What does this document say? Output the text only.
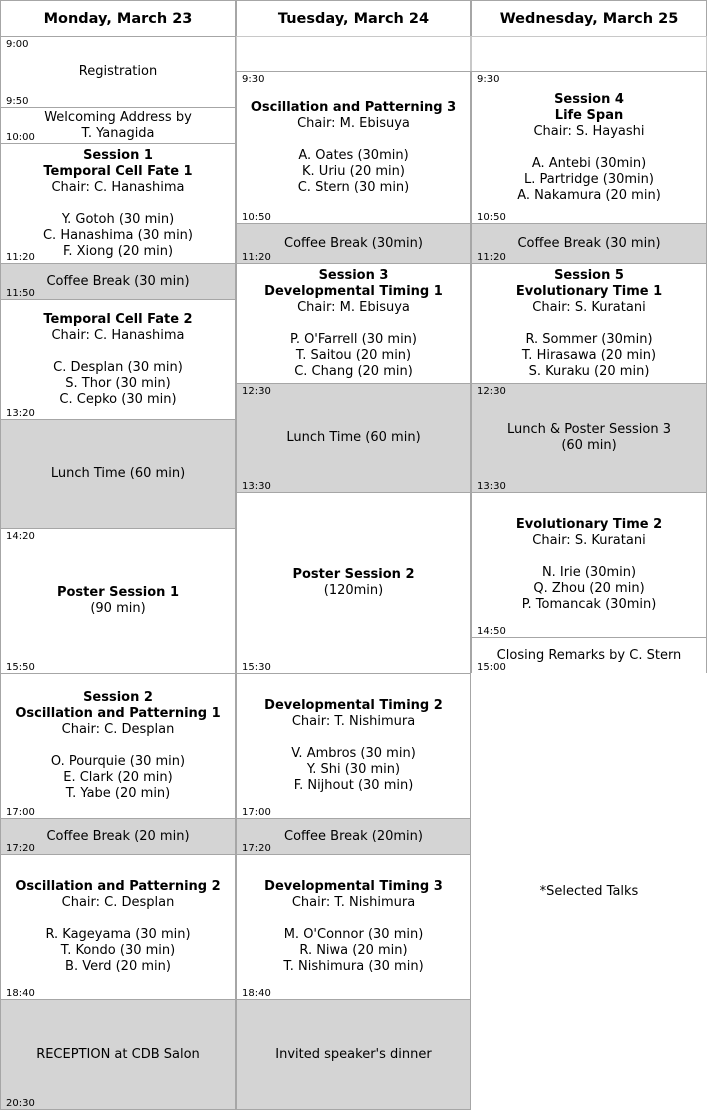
Monday, March 23	Tuesday, March 24	Wednesday, March 25
Registration
9:00
9:50
Welcoming Address by
T. Yanagida
10:00
Session 1
Temporal Cell Fate 1
Chair: C. Hanashima
Y. Gotoh (30 min)
C. Hanashima (30 min)
F. Xiong (20 min)
11:20
Coffee Break (30 min)
11:50
Temporal Cell Fate 2
Chair: C. Hanashima
C. Desplan (30 min)
S. Thor (30 min)
C. Cepko (30 min)
13:20
Lunch Time (60 min)
Poster Session 1
(90 min)
14:20
15:50
Session 2
Oscillation and Patterning 1
Chair: C. Desplan
O. Pourquie (30 min)
E. Clark (20 min)
T. Yabe (20 min)
17:00
Coffee Break (20 min)
17:20
Oscillation and Patterning 2
Chair: C. Desplan
R. Kageyama (30 min)
T. Kondo (30 min)
B. Verd (20 min)
18:40
RECEPTION at CDB Salon
20:30
Oscillation and Patterning 3
Chair: M. Ebisuya
A. Oates (30min)
K. Uriu (20 min)
C. Stern (30 min)
9:30
10:50
Coffee Break (30min)
11:20
Session 3
Developmental Timing 1
Chair: M. Ebisuya
P. O'Farrell (30 min)
T. Saitou (20 min)
C. Chang (20 min)
Lunch Time (60 min)
12:30
13:30
Poster Session 2
(120min)
15:30
Developmental Timing 2
Chair: T. Nishimura
V. Ambros (30 min)
Y. Shi (30 min)
F. Nijhout (30 min)
17:00
Coffee Break (20min)
17:20
Developmental Timing 3
Chair: T. Nishimura
M. O'Connor (30 min)
R. Niwa (20 min)
T. Nishimura (30 min)
18:40
Invited speaker's dinner
Session 4
Life Span
Chair: S. Hayashi
A. Antebi (30min)
L. Partridge (30min)
A. Nakamura (20 min)
9:30
10:50
Coffee Break (30 min)
11:20
Session 5
Evolutionary Time 1
Chair: S. Kuratani
R. Sommer (30min)
T. Hirasawa (20 min)
S. Kuraku (20 min)
Lunch & Poster Session 3
(60 min)
12:30
13:30
Evolutionary Time 2
Chair: S. Kuratani
N. Irie (30min)
Q. Zhou (20 min)
P. Tomancak (30min)
14:50
Closing Remarks by C. Stern
15:00
*Selected Talks
